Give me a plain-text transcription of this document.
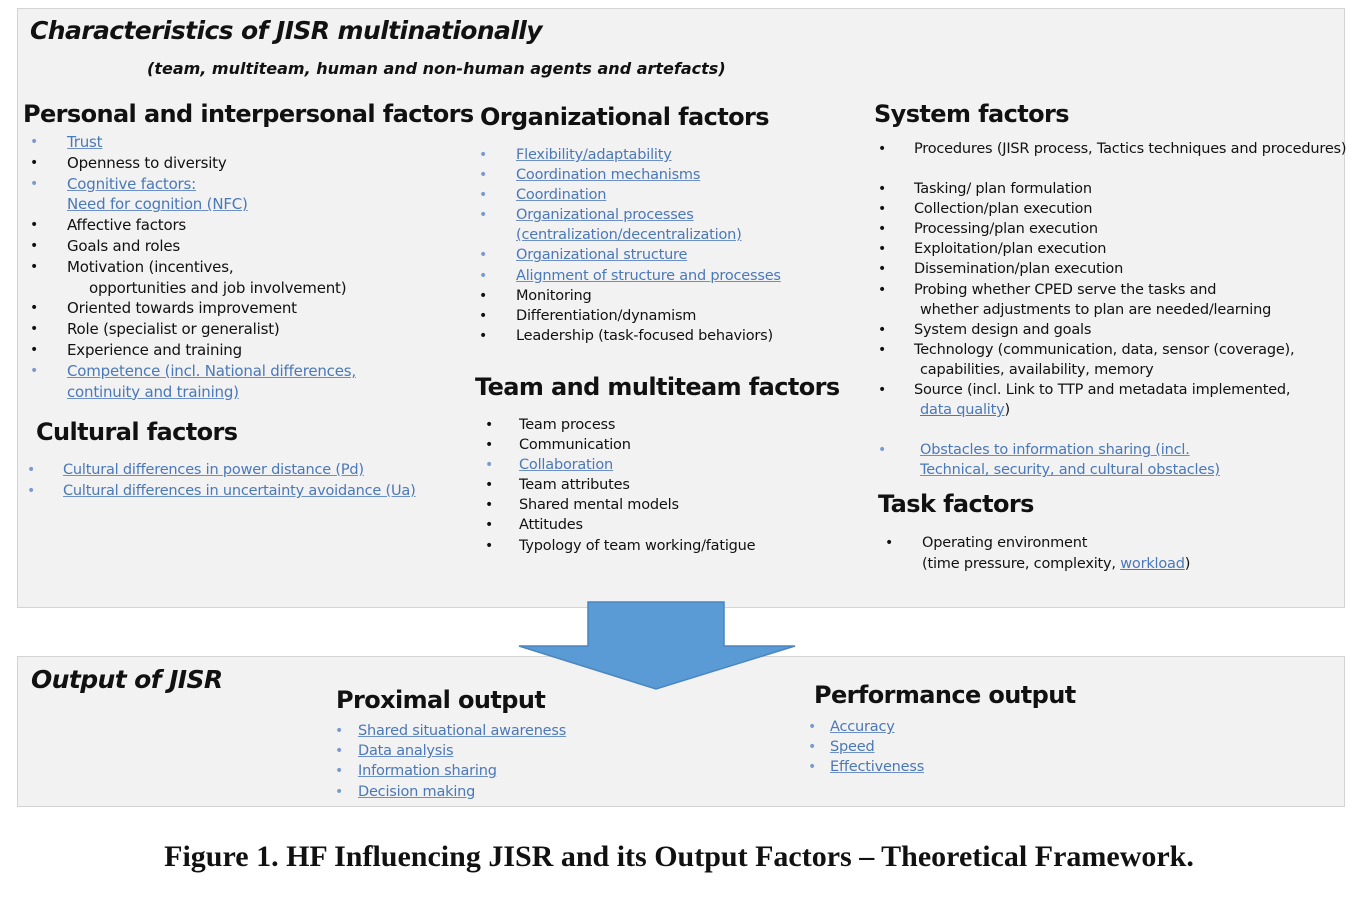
Characteristics of JISR multinationally
(team, multiteam, human and non-human agents and artefacts)
Personal and interpersonal factors
• Trust
• Openness to diversity
• Cognitive factors:
Need for cognition (NFC)
• Affective factors
• Goals and roles
• Motivation (incentives,
opportunities and job involvement)
• Oriented towards improvement
• Role (specialist or generalist)
• Experience and training
• Competence (incl. National differences,
continuity and training)
Cultural factors
• Cultural differences in power distance (Pd)
• Cultural differences in uncertainty avoidance (Ua)
Organizational factors
• Flexibility/adaptability
• Coordination mechanisms
• Coordination
• Organizational processes
(centralization/decentralization)
• Organizational structure
• Alignment of structure and processes
• Monitoring
• Differentiation/dynamism
• Leadership (task-focused behaviors)
Team and multiteam factors
• Team process
• Communication
• Collaboration
• Team attributes
• Shared mental models
• Attitudes
• Typology of team working/fatigue
System factors
• Procedures (JISR process, Tactics techniques and procedures)
• Tasking/ plan formulation
• Collection/plan execution
• Processing/plan execution
• Exploitation/plan execution
• Dissemination/plan execution
• Probing whether CPED serve the tasks and
whether adjustments to plan are needed/learning
• System design and goals
• Technology (communication, data, sensor (coverage),
capabilities, availability, memory
• Source (incl. Link to TTP and metadata implemented,
data quality)
• Obstacles to information sharing (incl.
Technical, security, and cultural obstacles)
Task factors
• Operating environment
(time pressure, complexity, workload)
Output of JISR
Proximal output
• Shared situational awareness
• Data analysis
• Information sharing
• Decision making
Performance output
• Accuracy
• Speed
• Effectiveness
Figure 1. HF Influencing JISR and its Output Factors – Theoretical Framework.
